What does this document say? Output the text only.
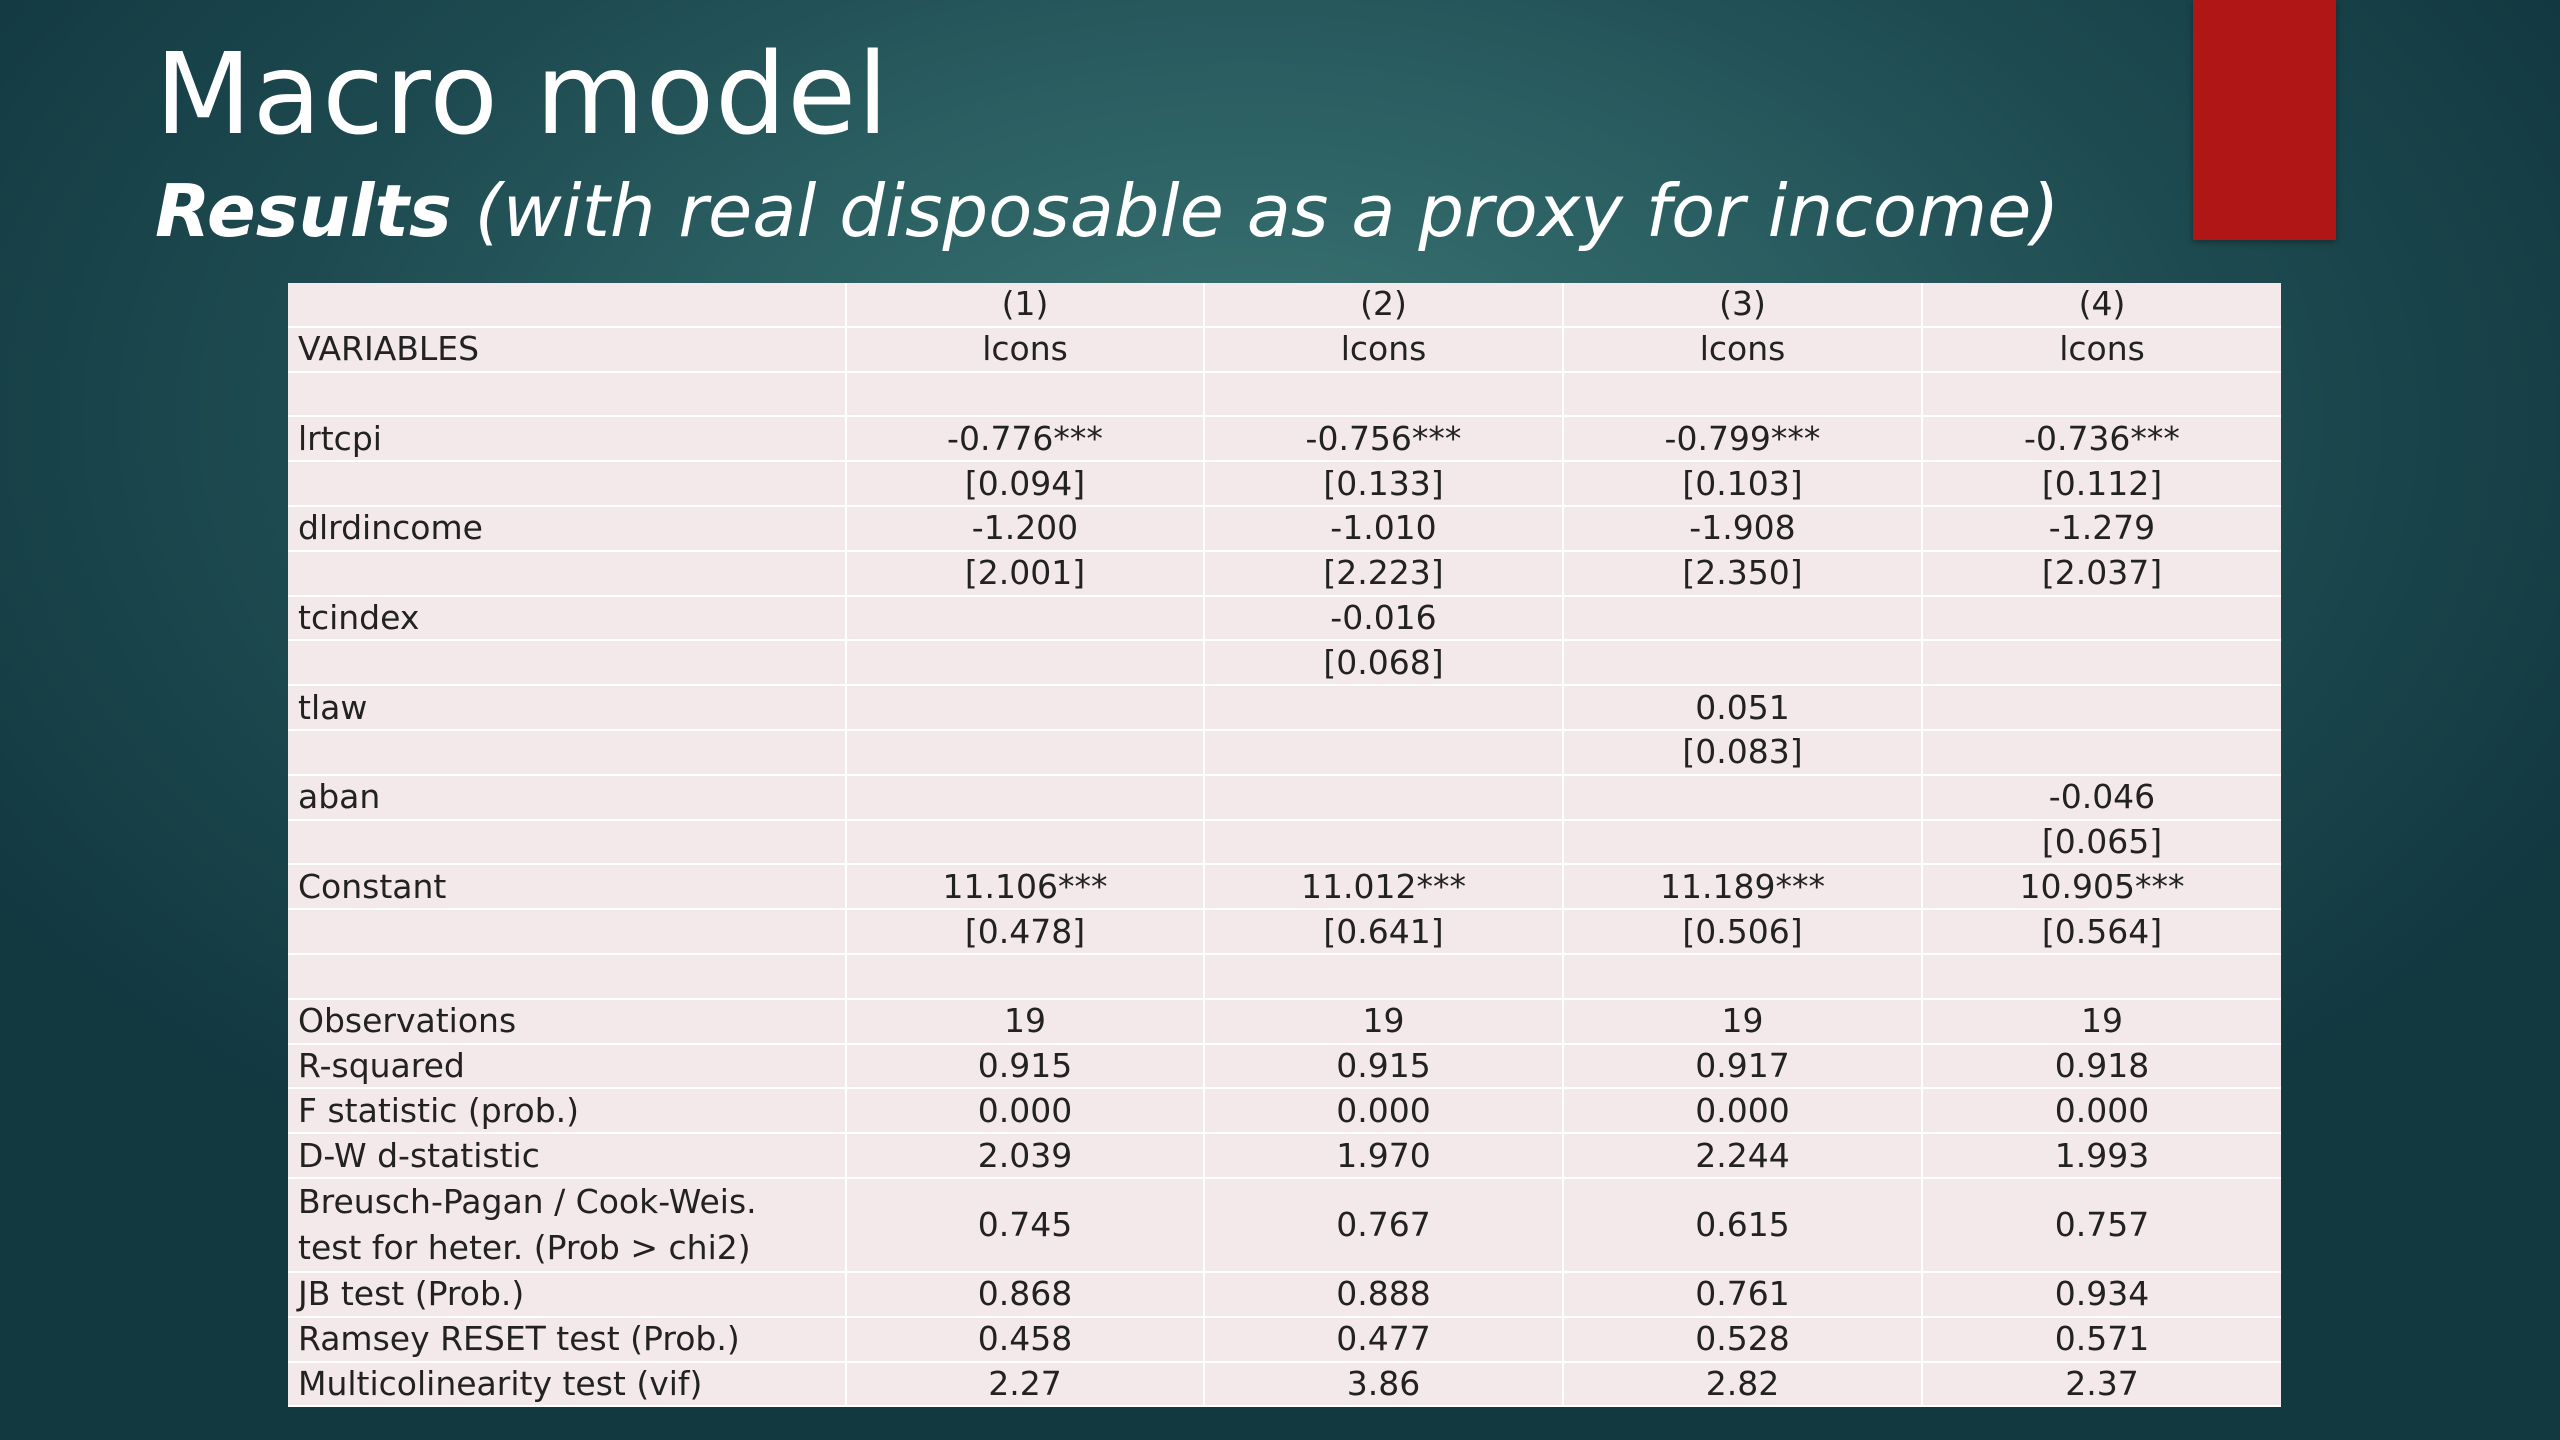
Macro model

Results (with real disposable as a proxy for income)

	(1)	(2)	(3)	(4)
VARIABLES	lcons	lcons	lcons	lcons

lrtcpi	-0.776***	-0.756***	-0.799***	-0.736***
	[0.094]	[0.133]	[0.103]	[0.112]
dlrdincome	-1.200	-1.010	-1.908	-1.279
	[2.001]	[2.223]	[2.350]	[2.037]
tcindex		-0.016		
		[0.068]		
tlaw			0.051	
			[0.083]	
aban				-0.046
				[0.065]
Constant	11.106***	11.012***	11.189***	10.905***
	[0.478]	[0.641]	[0.506]	[0.564]

Observations	19	19	19	19
R-squared	0.915	0.915	0.917	0.918
F statistic (prob.)	0.000	0.000	0.000	0.000
D-W d-statistic	2.039	1.970	2.244	1.993

Breusch-Pagan / Cook-Weis.
test for heter. (Prob > chi2)	0.745	0.767	0.615	0.757
JB test (Prob.)	0.868	0.888	0.761	0.934
Ramsey RESET test (Prob.)	0.458	0.477	0.528	0.571
Multicolinearity test (vif)	2.27	3.86	2.82	2.37
